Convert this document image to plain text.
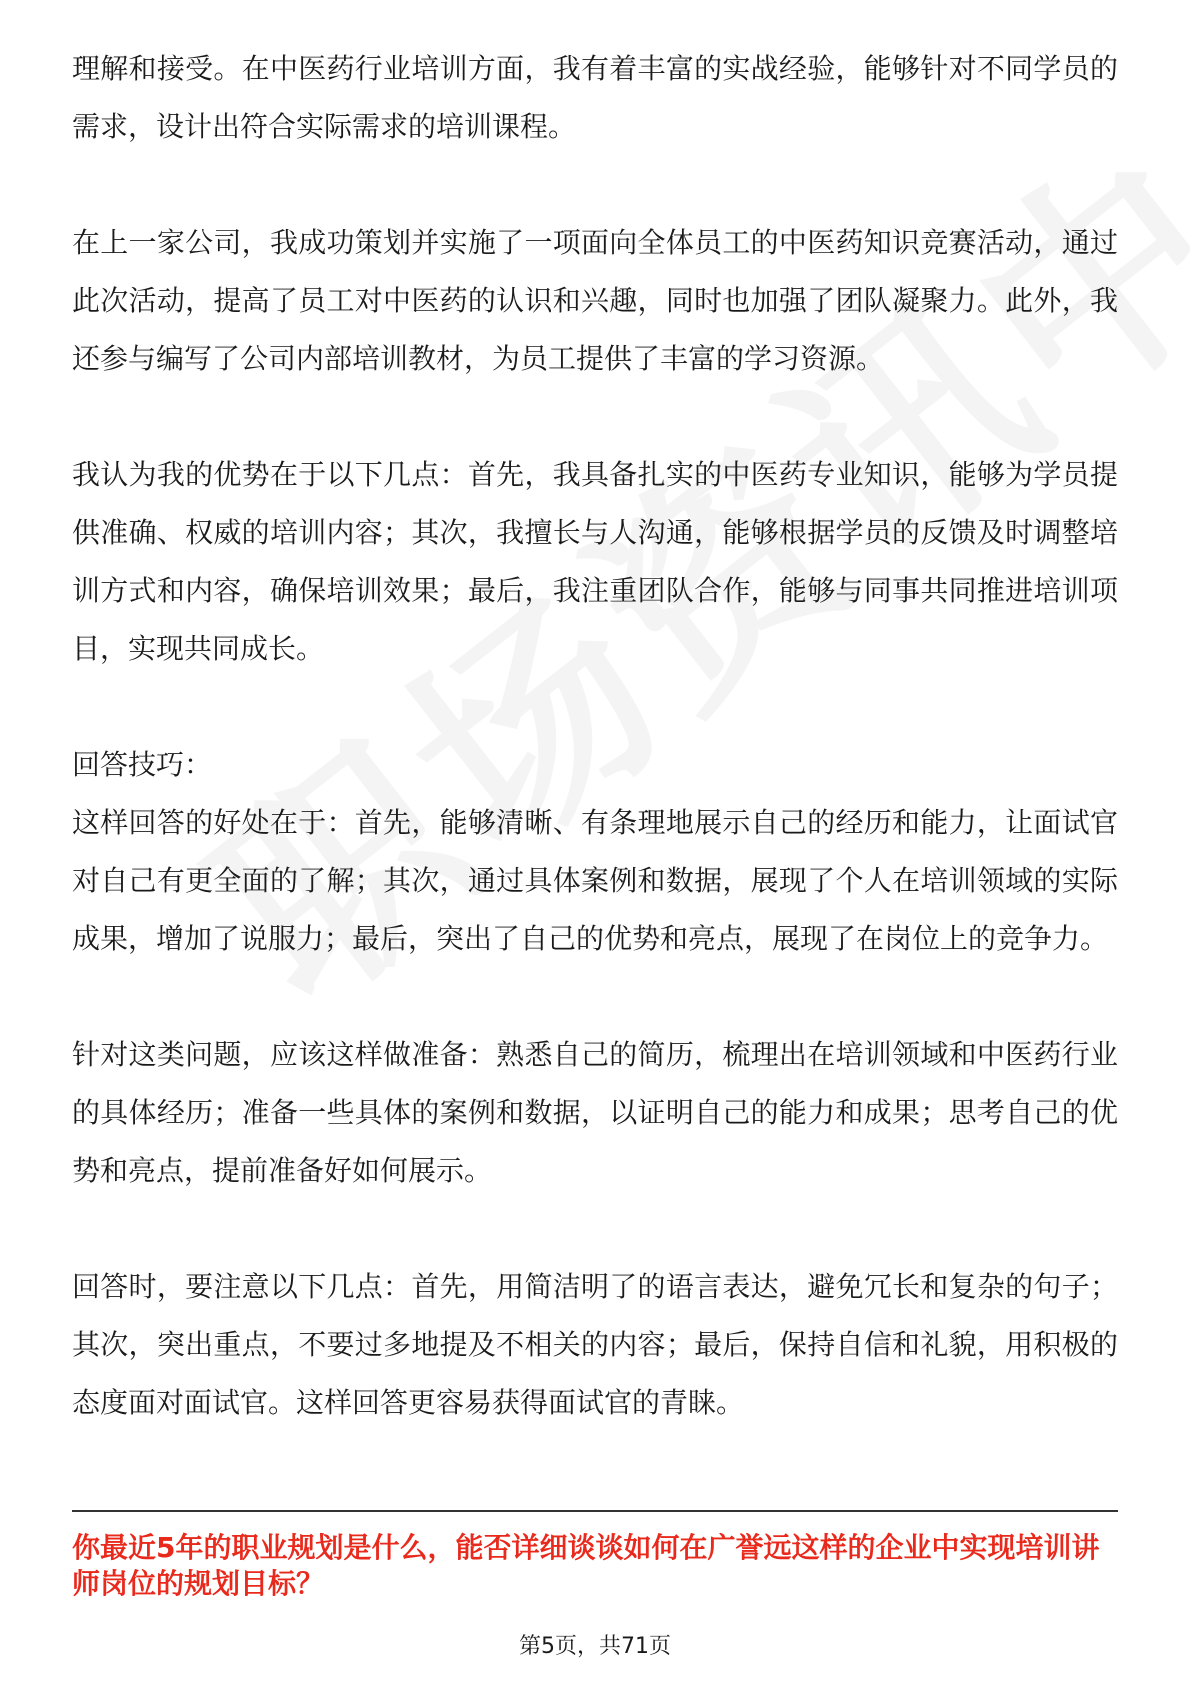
理解和接受。在中医药行业培训方面，我有着丰富的实战经验，能够针对不同学员的需求，设计出符合实际需求的培训课程。

在上一家公司，我成功策划并实施了一项面向全体员工的中医药知识竞赛活动，通过此次活动，提高了员工对中医药的认识和兴趣，同时也加强了团队凝聚力。此外，我还参与编写了公司内部培训教材，为员工提供了丰富的学习资源。

我认为我的优势在于以下几点：首先，我具备扎实的中医药专业知识，能够为学员提供准确、权威的培训内容；其次，我擅长与人沟通，能够根据学员的反馈及时调整培训方式和内容，确保培训效果；最后，我注重团队合作，能够与同事共同推进培训项目，实现共同成长。

回答技巧：

这样回答的好处在于：首先，能够清晰、有条理地展示自己的经历和能力，让面试官对自己有更全面的了解；其次，通过具体案例和数据，展现了个人在培训领域的实际成果，增加了说服力；最后，突出了自己的优势和亮点，展现了在岗位上的竞争力。

针对这类问题，应该这样做准备：熟悉自己的简历，梳理出在培训领域和中医药行业的具体经历；准备一些具体的案例和数据，以证明自己的能力和成果；思考自己的优势和亮点，提前准备好如何展示。

回答时，要注意以下几点：首先，用简洁明了的语言表达，避免冗长和复杂的句子；其次，突出重点，不要过多地提及不相关的内容；最后，保持自信和礼貌，用积极的态度面对面试官。这样回答更容易获得面试官的青睐。

你最近5年的职业规划是什么，能否详细谈谈如何在广誉远这样的企业中实现培训讲师岗位的规划目标？
第5页，共71页
